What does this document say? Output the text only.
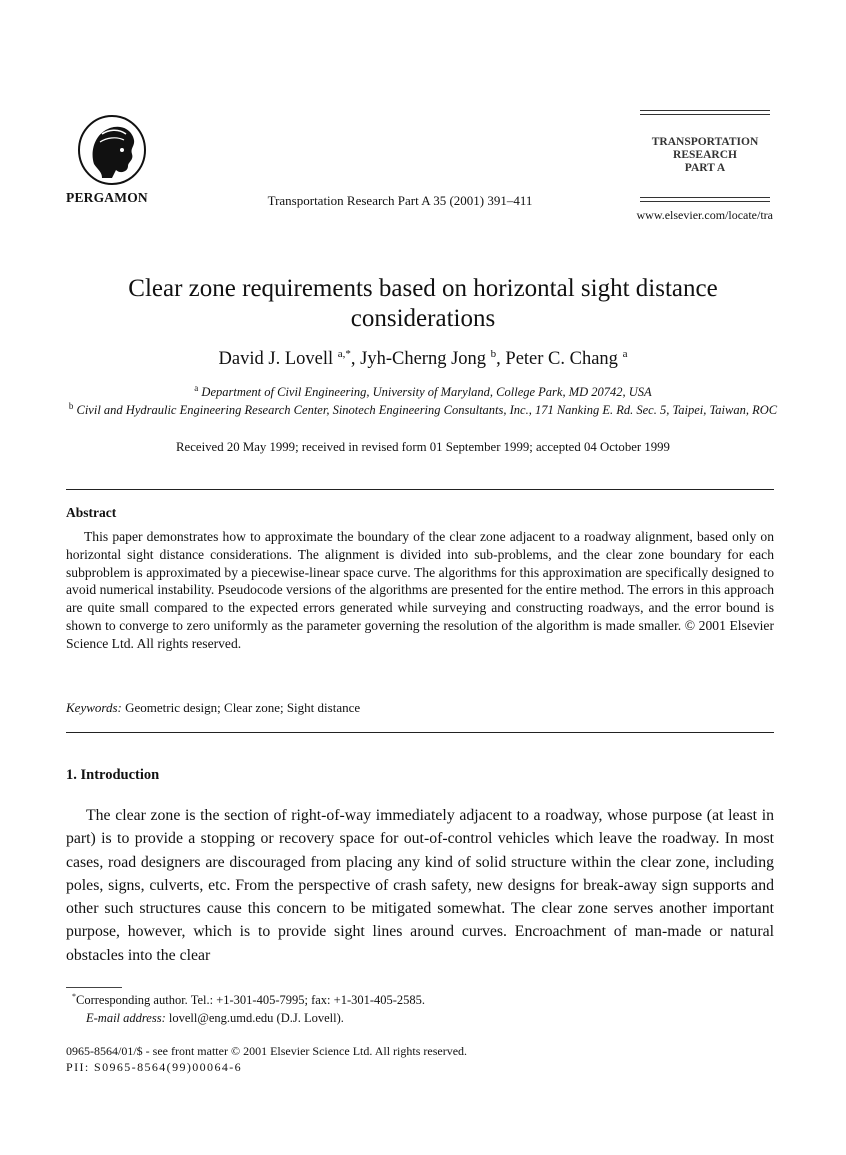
PERGAMON	Transportation Research Part A 35 (2001) 391–411
TRANSPORTATION
RESEARCH
PART A
www.elsevier.com/locate/tra
Clear zone requirements based on horizontal sight distance considerations
David J. Lovell $^{a,*}$, Jyh-Cherng Jong $^b$, Peter C. Chang $^a$
$^a$ Department of Civil Engineering, University of Maryland, College Park, MD 20742, USA
$^b$ Civil and Hydraulic Engineering Research Center, Sinotech Engineering Consultants, Inc., 171 Nanking E. Rd. Sec. 5, Taipei, Taiwan, ROC
Received 20 May 1999; received in revised form 01 September 1999; accepted 04 October 1999
Abstract
This paper demonstrates how to approximate the boundary of the clear zone adjacent to a roadway alignment, based only on horizontal sight distance considerations. The alignment is divided into sub-problems, and the clear zone boundary for each subproblem is approximated by a piecewise-linear space curve. The algorithms for this approximation are specifically designed to avoid numerical instability. Pseudocode versions of the algorithms are presented for the entire method. The errors in this approach are quite small compared to the expected errors generated while surveying and constructing roadways, and the error bound is shown to converge to zero uniformly as the parameter governing the resolution of the algorithm is made smaller. © 2001 Elsevier Science Ltd. All rights reserved.
Keywords: Geometric design; Clear zone; Sight distance
1. Introduction
The clear zone is the section of right-of-way immediately adjacent to a roadway, whose purpose (at least in part) is to provide a stopping or recovery space for out-of-control vehicles which leave the roadway. In most cases, road designers are discouraged from placing any kind of solid structure within the clear zone, including poles, signs, culverts, etc. From the perspective of crash safety, new designs for break-away sign supports and other such structures cause this concern to be mitigated somewhat. The clear zone serves another important purpose, however, which is to provide sight lines around curves. Encroachment of man-made or natural obstacles into the clear
*Corresponding author. Tel.: +1-301-405-7995; fax: +1-301-405-2585.
E-mail address: lovell@eng.umd.edu (D.J. Lovell).
0965-8564/01/$ - see front matter © 2001 Elsevier Science Ltd. All rights reserved.
PII: S0965-8564(99)00064-6
